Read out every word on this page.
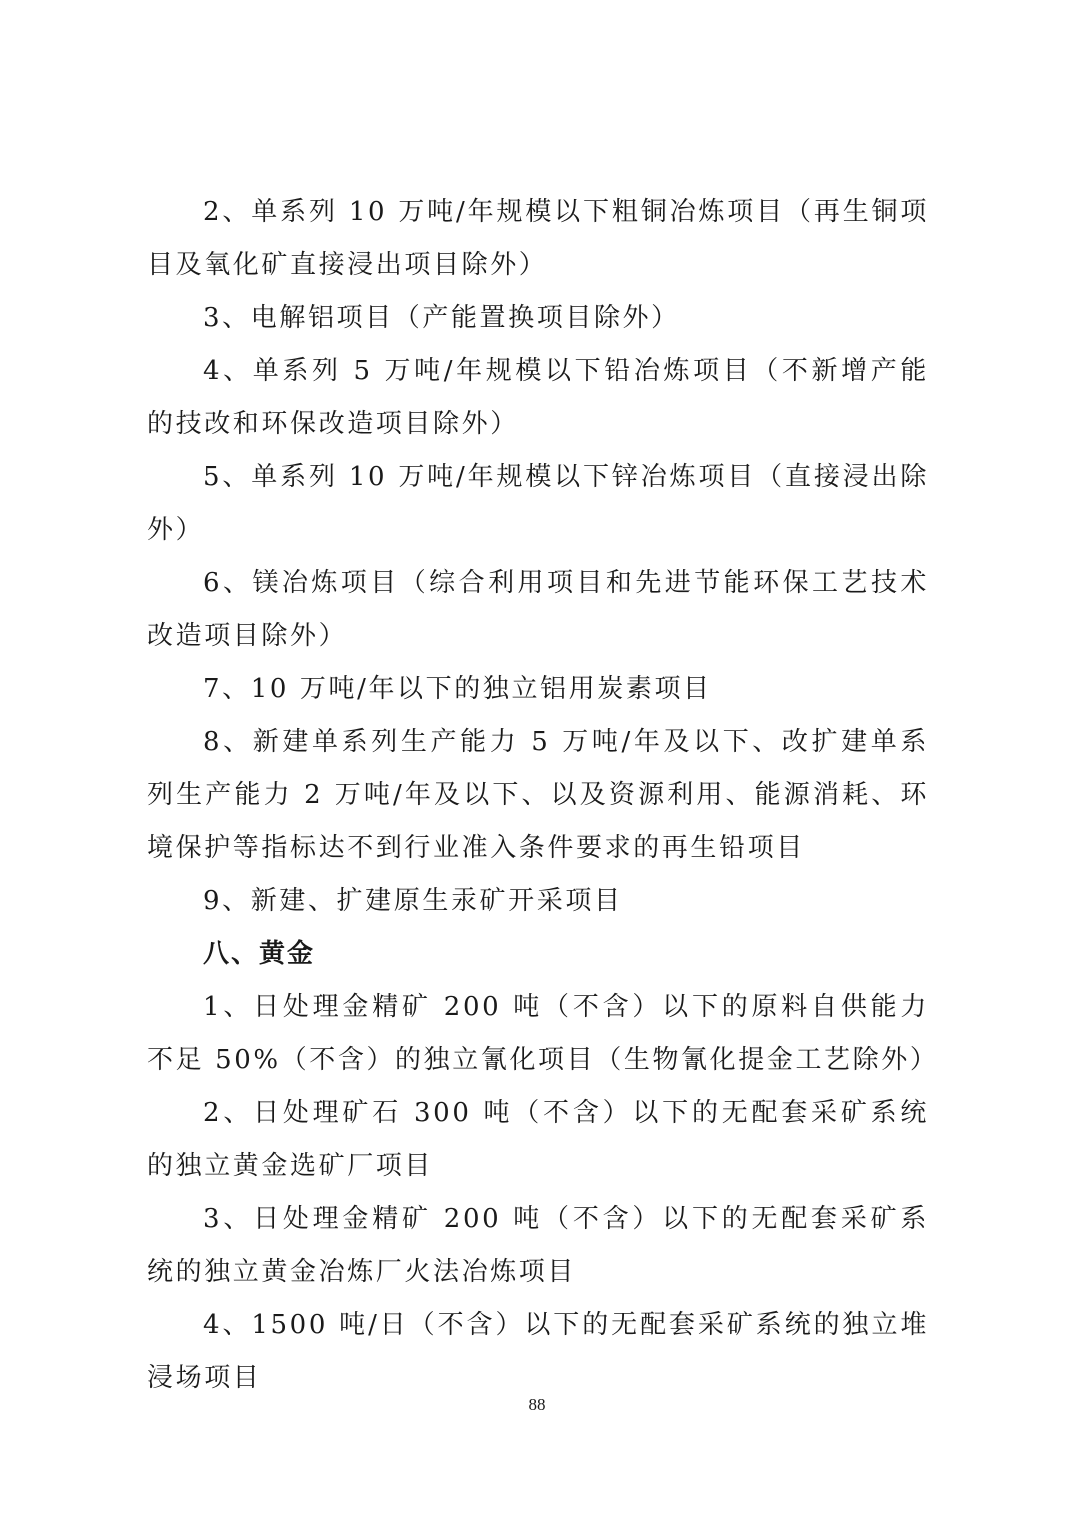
2、单系列 10 万吨/年规模以下粗铜冶炼项目（再生铜项目及氧化矿直接浸出项目除外）

3、电解铝项目（产能置换项目除外）

4、单系列 5 万吨/年规模以下铅冶炼项目（不新增产能的技改和环保改造项目除外）

5、单系列 10 万吨/年规模以下锌冶炼项目（直接浸出除外）

6、镁冶炼项目（综合利用项目和先进节能环保工艺技术改造项目除外）

7、10 万吨/年以下的独立铝用炭素项目

8、新建单系列生产能力 5 万吨/年及以下、改扩建单系列生产能力 2 万吨/年及以下、以及资源利用、能源消耗、环境保护等指标达不到行业准入条件要求的再生铅项目

9、新建、扩建原生汞矿开采项目

八、黄金

1、日处理金精矿 200 吨（不含）以下的原料自供能力不足 50%（不含）的独立氰化项目（生物氰化提金工艺除外）

2、日处理矿石 300 吨（不含）以下的无配套采矿系统的独立黄金选矿厂项目

3、日处理金精矿 200 吨（不含）以下的无配套采矿系统的独立黄金冶炼厂火法冶炼项目

4、1500 吨/日（不含）以下的无配套采矿系统的独立堆浸场项目

88
